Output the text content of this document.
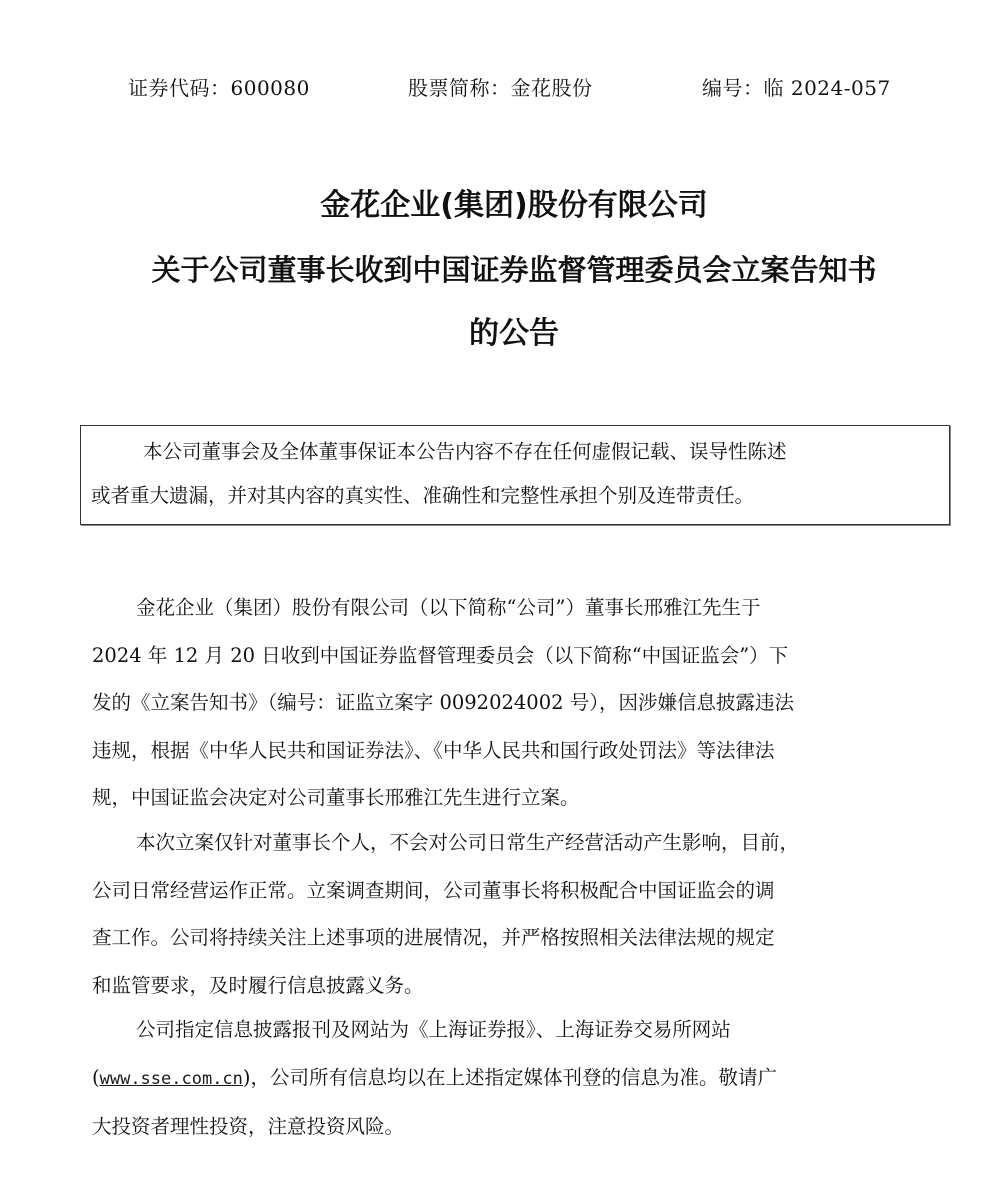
证券代码：600080	股票简称：金花股份	编号：临 2024-057
金花企业(集团)股份有限公司
关于公司董事长收到中国证券监督管理委员会立案告知书
的公告

本公司董事会及全体董事保证本公告内容不存在任何虚假记载、误导性陈述

或者重大遗漏，并对其内容的真实性、准确性和完整性承担个别及连带责任。

金花企业（集团）股份有限公司（以下简称“公司”）董事长邢雅江先生于
2024 年 12 月 20 日收到中国证券监督管理委员会（以下简称“中国证监会”）下
发的《立案告知书》（编号：证监立案字 0092024002 号），因涉嫌信息披露违法
违规，根据《中华人民共和国证券法》、《中华人民共和国行政处罚法》等法律法
规，中国证监会决定对公司董事长邢雅江先生进行立案。
本次立案仅针对董事长个人，不会对公司日常生产经营活动产生影响，目前，
公司日常经营运作正常。立案调查期间，公司董事长将积极配合中国证监会的调
查工作。公司将持续关注上述事项的进展情况，并严格按照相关法律法规的规定
和监管要求，及时履行信息披露义务。
公司指定信息披露报刊及网站为《上海证券报》、上海证券交易所网站
(www.sse.com.cn)，公司所有信息均以在上述指定媒体刊登的信息为准。敬请广
大投资者理性投资，注意投资风险。
